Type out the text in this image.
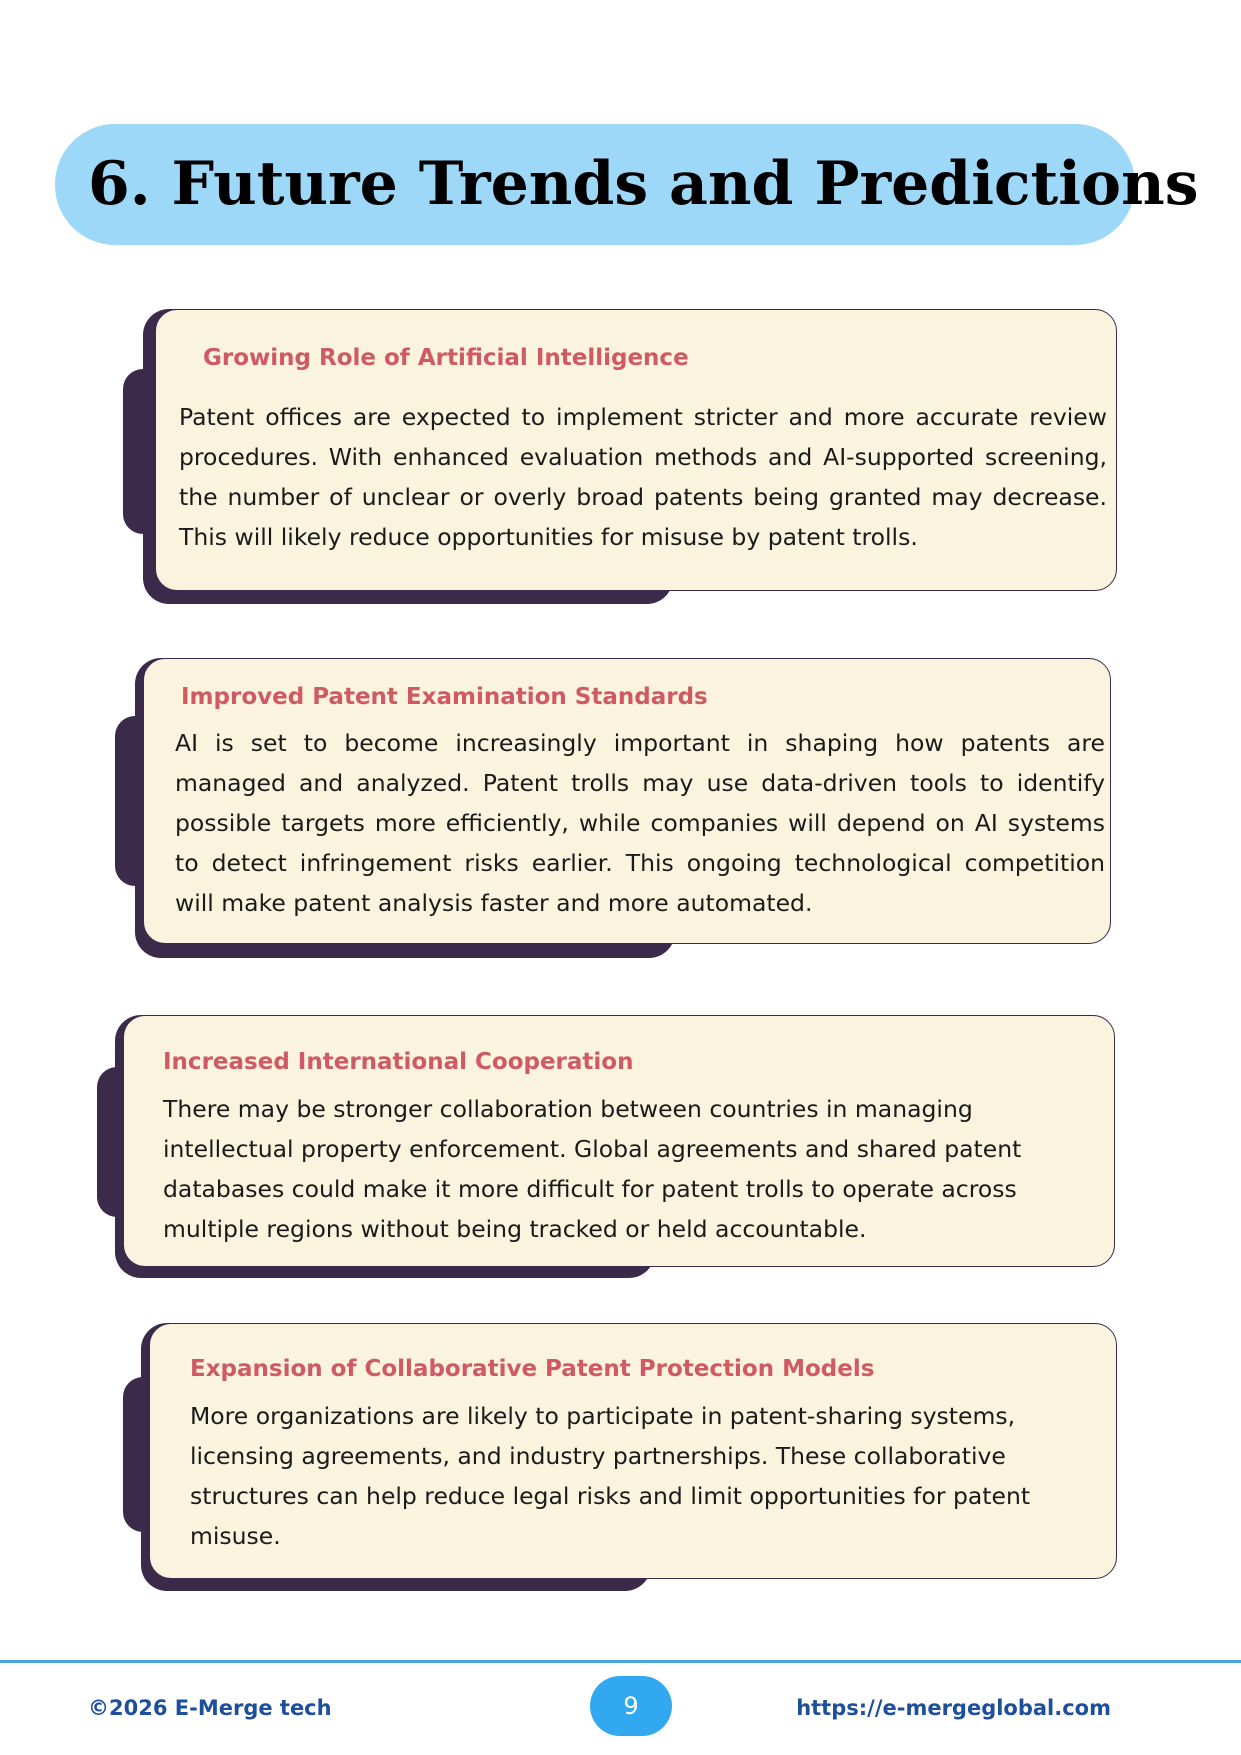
6. Future Trends and Predictions
Growing Role of Artificial Intelligence

Patent offices are expected to implement stricter and more accurate review procedures. With enhanced evaluation methods and AI-supported screening, the number of unclear or overly broad patents being granted may decrease. This will likely reduce opportunities for misuse by patent trolls.

Improved Patent Examination Standards

AI is set to become increasingly important in shaping how patents are managed and analyzed. Patent trolls may use data-driven tools to identify possible targets more efficiently, while companies will depend on AI systems to detect infringement risks earlier. This ongoing technological competition will make patent analysis faster and more automated.

Increased International Cooperation

There may be stronger collaboration between countries in managing intellectual property enforcement. Global agreements and shared patent databases could make it more difficult for patent trolls to operate across multiple regions without being tracked or held accountable.

Expansion of Collaborative Patent Protection Models

More organizations are likely to participate in patent-sharing systems, licensing agreements, and industry partnerships. These collaborative structures can help reduce legal risks and limit opportunities for patent misuse.

©2026 E-Merge tech	9	https://e-mergeglobal.com
